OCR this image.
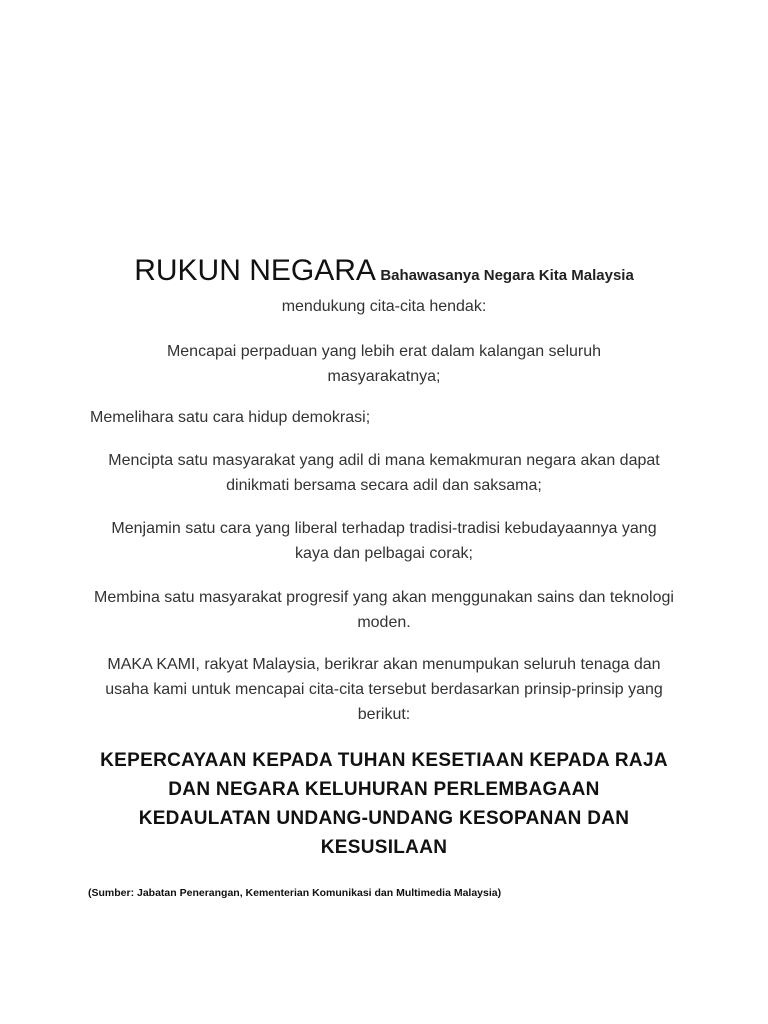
RUKUN NEGARA Bahawasanya Negara Kita Malaysia
mendukung cita-cita hendak:
Mencapai perpaduan yang lebih erat dalam kalangan seluruh masyarakatnya;
Memelihara satu cara hidup demokrasi;
Mencipta satu masyarakat yang adil di mana kemakmuran negara akan dapat dinikmati bersama secara adil dan saksama;
Menjamin satu cara yang liberal terhadap tradisi-tradisi kebudayaannya yang kaya dan pelbagai corak;
Membina satu masyarakat progresif yang akan menggunakan sains dan teknologi moden.
MAKA KAMI, rakyat Malaysia, berikrar akan menumpukan seluruh tenaga dan usaha kami untuk mencapai cita-cita tersebut berdasarkan prinsip-prinsip yang berikut:
KEPERCAYAAN KEPADA TUHAN KESETIAAN KEPADA RAJA DAN NEGARA KELUHURAN PERLEMBAGAAN KEDAULATAN UNDANG-UNDANG KESOPANAN DAN KESUSILAAN
(Sumber: Jabatan Penerangan, Kementerian Komunikasi dan Multimedia Malaysia)
